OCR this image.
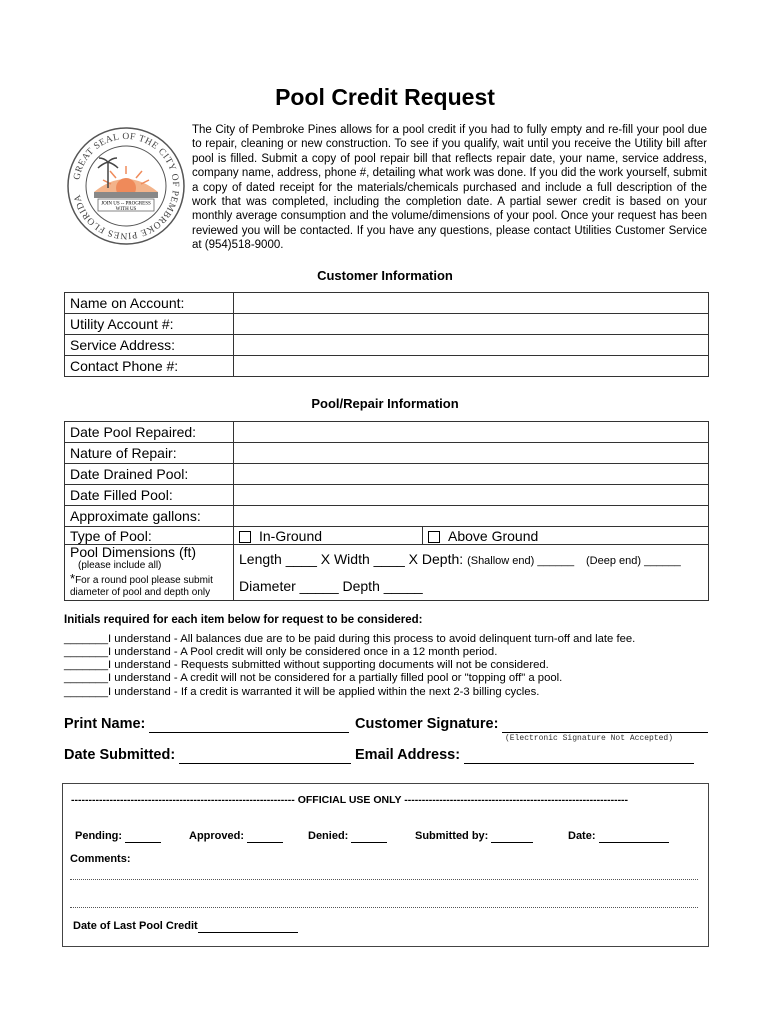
Pool Credit Request
GREAT SEAL OF THE CITY OF PEMBROKE PINES FLORIDA
JOIN US -- PROGRESS
WITH US
The City of Pembroke Pines allows for a pool credit if you had to fully empty and re-fill your pool due to repair, cleaning or new construction. To see if you qualify, wait until you receive the Utility bill after pool is filled. Submit a copy of pool repair bill that reflects repair date, your name, service address, company name, address, phone #, detailing what work was done. If you did the work yourself, submit a copy of dated receipt for the materials/chemicals purchased and include a full description of the work that was completed, including the completion date. A partial sewer credit is based on your monthly average consumption and the volume/dimensions of your pool. Once your request has been reviewed you will be contacted. If you have any questions, please contact Utilities Customer Service at (954)518-9000.
Customer Information
Name on Account:	
Utility Account #:	
Service Address:	
Contact Phone #:	
Pool/Repair Information
Date Pool Repaired:		
Nature of Repair:		
Date Drained Pool:		
Date Filled Pool:		
Approximate gallons:		
Type of Pool:	In-Ground	Above Ground

Pool Dimensions (ft)
(please include all)	Length ____ X Width ____ X Depth: (Shallow end) ______ (Deep end) ______	

*For a round pool please submit
diameter of pool and depth only	Diameter _____ Depth _____	
Initials required for each item below for request to be considered:
_______I understand - All balances due are to be paid during this process to avoid delinquent turn-off and late fee.
_______I understand - A Pool credit will only be considered once in a 12 month period.
_______I understand - Requests submitted without supporting documents will not be considered.
_______I understand - A credit will not be considered for a partially filled pool or "topping off" a pool.
_______I understand - If a credit is warranted it will be applied within the next 2-3 billing cycles.
Print Name:	Customer Signature:
(Electronic Signature Not Accepted)
Date Submitted:	Email Address:
---------------------------------------------------------------- OFFICIAL USE ONLY ----------------------------------------------------------------
Pending:	Approved:	Denied:	Submitted by:	Date:
Comments:
Date of Last Pool Credit
